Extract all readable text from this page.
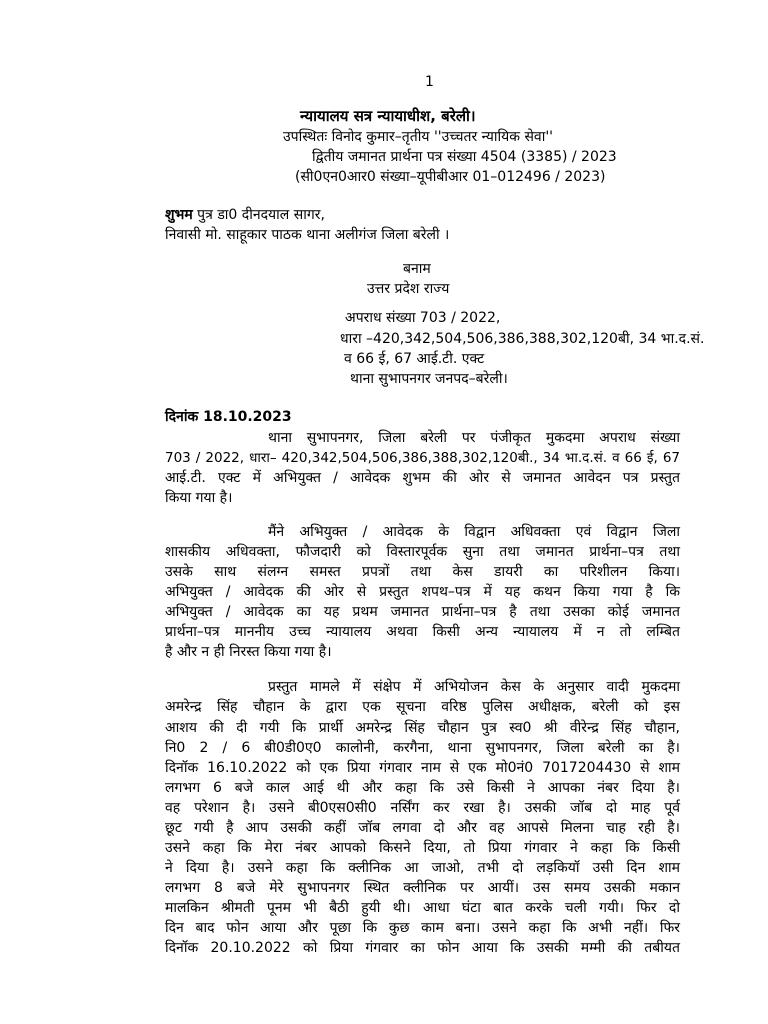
1
न्यायालय सत्र न्यायाधीश, बरेली।
उपस्थितः विनोद कुमार–तृतीय ''उच्चतर न्यायिक सेवा''
द्वितीय जमानत प्रार्थना पत्र संख्या 4504 (3385) / 2023
(सी0एन0आर0 संख्या–यूपीबीआर 01–012496 / 2023)
शुभम पुत्र डा0 दीनदयाल सागर,
निवासी मो. साहूकार पाठक थाना अलीगंज जिला बरेली ।
बनाम
उत्तर प्रदेश राज्य
अपराध संख्या 703 / 2022,
धारा –420,342,504,506,386,388,302,120बी, 34 भा.द.सं.
व 66 ई, 67 आई.टी. एक्ट
थाना सुभापनगर जनपद–बरेली।
दिनांक 18.10.2023
थाना सुभापनगर, जिला बरेली पर पंजीकृत मुकदमा अपराध संख्या
703 / 2022, धारा– 420,342,504,506,386,388,302,120बी., 34 भा.द.सं. व 66 ई, 67
आई.टी. एक्ट में अभियुक्त / आवेदक शुभम की ओर से जमानत आवेदन पत्र प्रस्तुत
किया गया है।
मैंने अभियुक्त / आवेदक के विद्वान अधिवक्ता एवं विद्वान जिला
शासकीय अधिवक्ता, फौजदारी को विस्तारपूर्वक सुना तथा जमानत प्रार्थना–पत्र तथा
उसके साथ संलग्न समस्त प्रपत्रों तथा केस डायरी का परिशीलन किया।
अभियुक्त / आवेदक की ओर से प्रस्तुत शपथ–पत्र में यह कथन किया गया है कि
अभियुक्त / आवेदक का यह प्रथम जमानत प्रार्थना–पत्र है तथा उसका कोई जमानत
प्रार्थना–पत्र माननीय उच्च न्यायालय अथवा किसी अन्य न्यायालय में न तो लम्बित
है और न ही निरस्त किया गया है।
प्रस्तुत मामले में संक्षेप में अभियोजन केस के अनुसार वादी मुकदमा
अमरेन्द्र सिंह चौहान के द्वारा एक सूचना वरिष्ठ पुलिस अधीक्षक, बरेली को इस
आशय की दी गयी कि प्रार्थी अमरेन्द्र सिंह चौहान पुत्र स्व0 श्री वीरेन्द्र सिंह चौहान,
नि0 2 / 6 बी0डी0ए0 कालोनी, करगैना, थाना सुभापनगर, जिला बरेली का है।
दिनॉक 16.10.2022 को एक प्रिया गंगवार नाम से एक मो0नं0 7017204430 से शाम
लगभग 6 बजे काल आई थी और कहा कि उसे किसी ने आपका नंबर दिया है।
वह परेशान है। उसने बी0एस0सी0 नर्सिंग कर रखा है। उसकी जॉब दो माह पूर्व
छूट गयी है आप उसकी कहीं जॉब लगवा दो और वह आपसे मिलना चाह रही है।
उसने कहा कि मेरा नंबर आपको किसने दिया, तो प्रिया गंगवार ने कहा कि किसी
ने दिया है। उसने कहा कि क्लीनिक आ जाओ, तभी दो लड़कियॉ उसी दिन शाम
लगभग 8 बजे मेरे सुभापनगर स्थित क्लीनिक पर आयीं। उस समय उसकी मकान
मालकिन श्रीमती पूनम भी बैठी हुयी थी। आधा घंटा बात करके चली गयी। फिर दो
दिन बाद फोन आया और पूछा कि कुछ काम बना। उसने कहा कि अभी नहीं। फिर
दिनॉक 20.10.2022 को प्रिया गंगवार का फोन आया कि उसकी मम्मी की तबीयत
